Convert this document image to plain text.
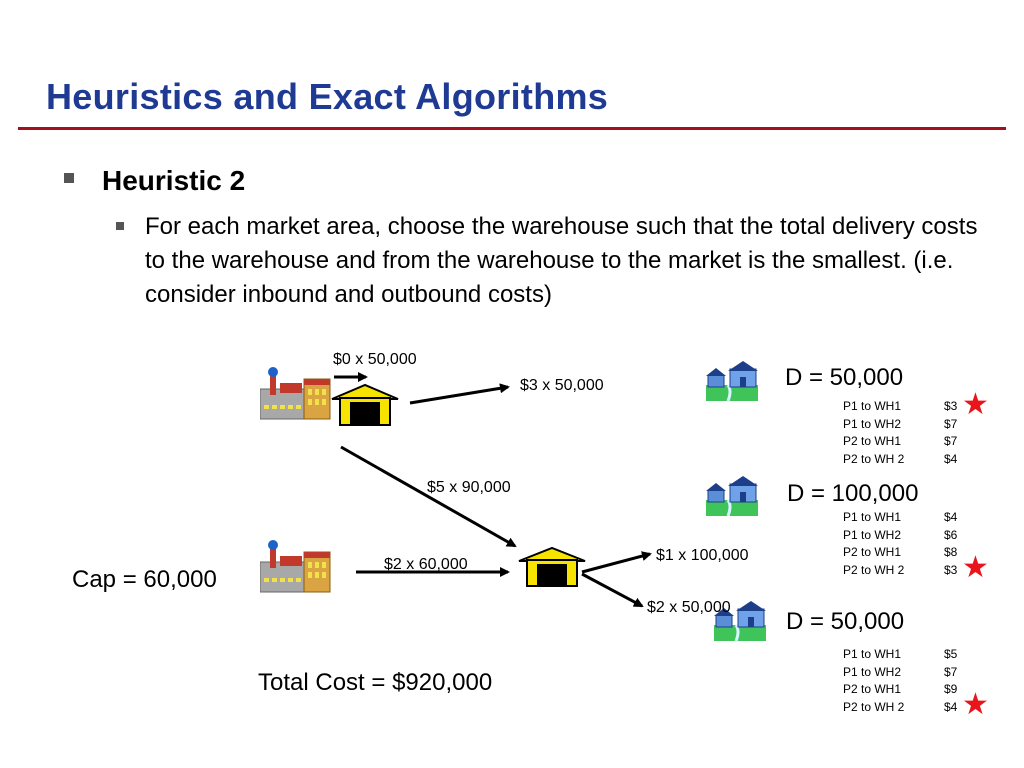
Heuristics and Exact Algorithms
Heuristic 2
For each market area, choose the warehouse such that the total delivery costs to the warehouse and from the warehouse to the market is the smallest. (i.e. consider inbound and outbound costs)
$0 x 50,000
$3 x 50,000
$5 x 90,000
$2 x 60,000
$1 x 100,000
$2 x 50,000
Cap = 60,000
Total Cost = $920,000
D = 50,000
P1 to WH1	$3
P1 to WH2	$7
P2 to WH1	$7
P2 to WH 2	$4
★
D = 100,000
P1 to WH1	$4
P1 to WH2	$6
P2 to WH1	$8
P2 to WH 2	$3 ★
D = 50,000
P1 to WH1	$5
P1 to WH2	$7
P2 to WH1	$9
P2 to WH 2	$4 ★
